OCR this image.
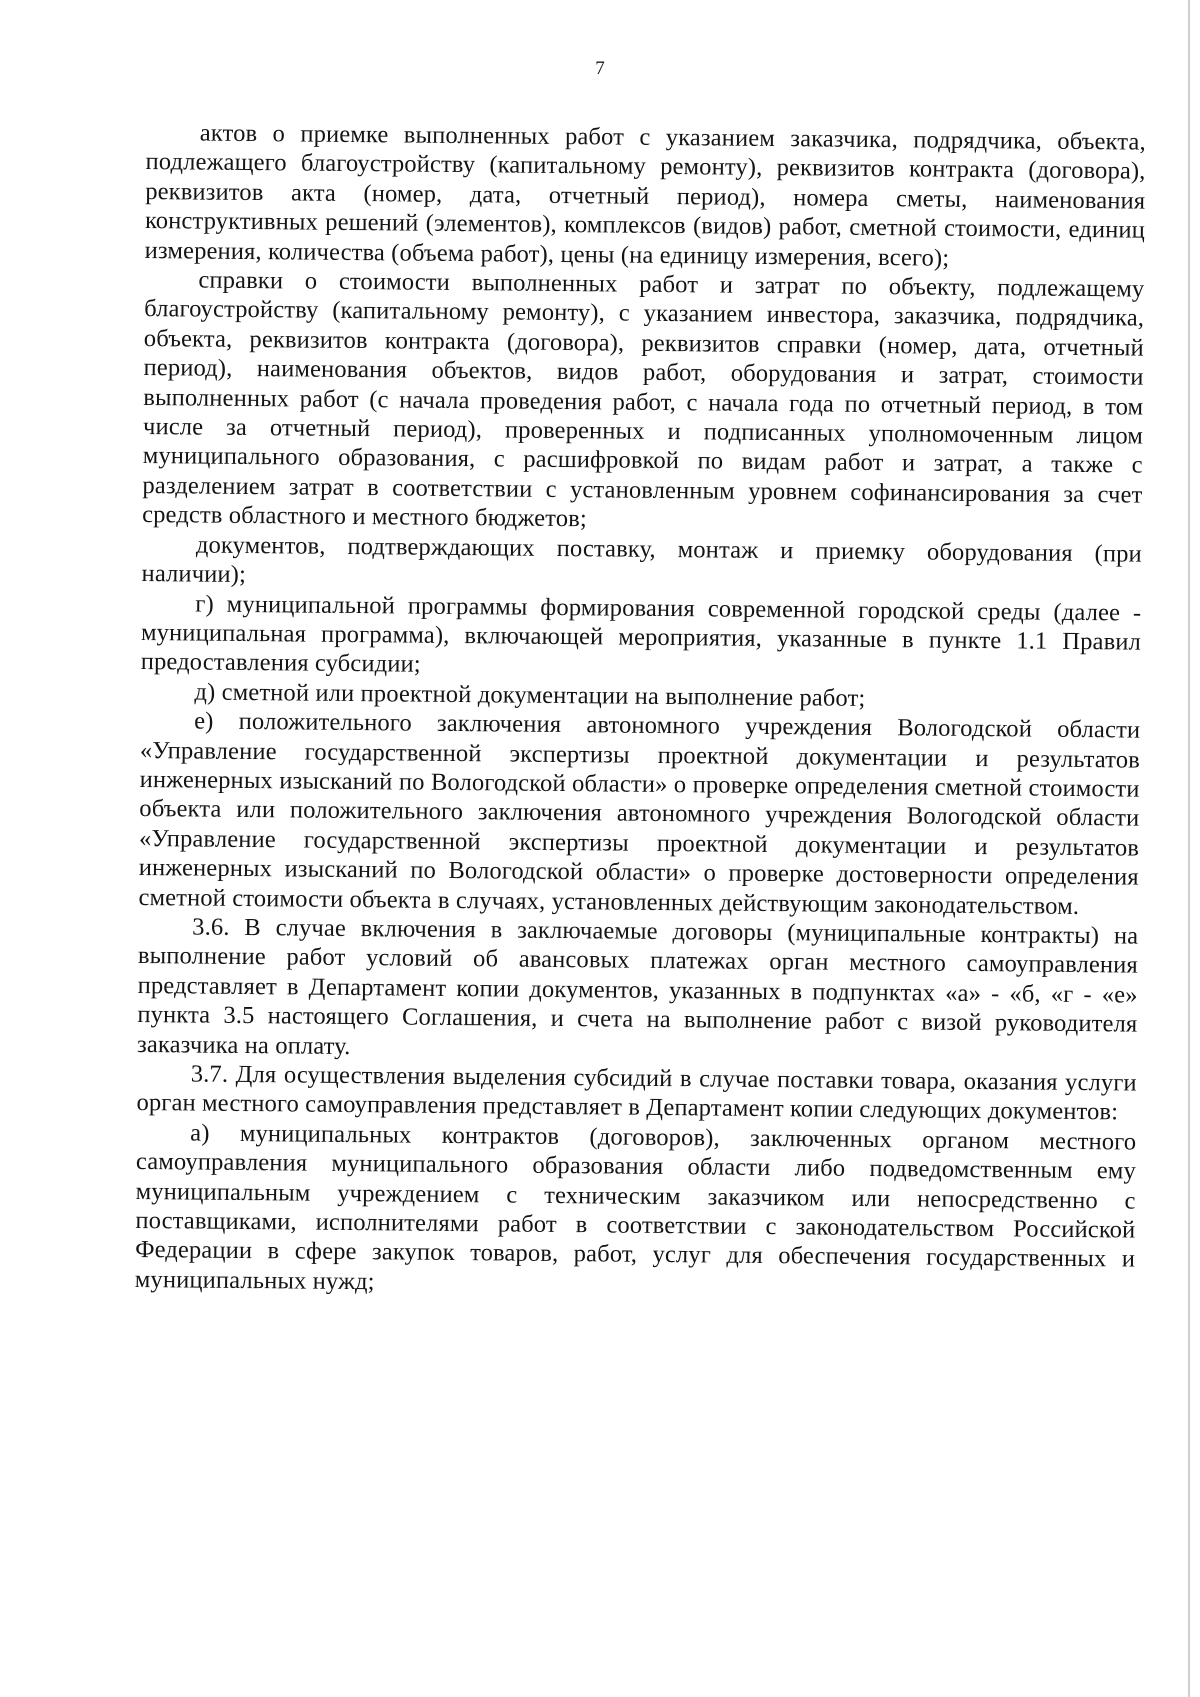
7

актов о приемке выполненных работ с указанием заказчика, подрядчика, объекта, подлежащего благоустройству (капитальному ремонту), реквизитов контракта (договора), реквизитов акта (номер, дата, отчетный период), номера сметы, наименования конструктивных решений (элементов), комплексов (видов) работ, сметной стоимости, единиц измерения, количества (объема работ), цены (на единицу измерения, всего);

справки о стоимости выполненных работ и затрат по объекту, подлежащему благоустройству (капитальному ремонту), с указанием инвестора, заказчика, подрядчика, объекта, реквизитов контракта (договора), реквизитов справки (номер, дата, отчетный период), наименования объектов, видов работ, оборудования и затрат, стоимости выполненных работ (с начала проведения работ, с начала года по отчетный период, в том числе за отчетный период), проверенных и подписанных уполномоченным лицом муниципального образования, с расшифровкой по видам работ и затрат, а также с разделением затрат в соответствии с установленным уровнем софинансирования за счет средств областного и местного бюджетов;

документов, подтверждающих поставку, монтаж и приемку оборудования (при наличии);

г) муниципальной программы формирования современной городской среды (далее - муниципальная программа), включающей мероприятия, указанные в пункте 1.1 Правил предоставления субсидии;

д) сметной или проектной документации на выполнение работ;

е) положительного заключения автономного учреждения Вологодской области «Управление государственной экспертизы проектной документации и результатов инженерных изысканий по Вологодской области» о проверке определения сметной стоимости объекта или положительного заключения автономного учреждения Вологодской области «Управление государственной экспертизы проектной документации и результатов инженерных изысканий по Вологодской области» о проверке достоверности определения сметной стоимости объекта в случаях, установленных действующим законодательством.

3.6. В случае включения в заключаемые договоры (муниципальные контракты) на выполнение работ условий об авансовых платежах орган местного самоуправления представляет в Департамент копии документов, указанных в подпунктах «а» - «б, «г - «е» пункта 3.5 настоящего Соглашения, и счета на выполнение работ с визой руководителя заказчика на оплату.

3.7. Для осуществления выделения субсидий в случае поставки товара, оказания услуги орган местного самоуправления представляет в Департамент копии следующих документов:

а) муниципальных контрактов (договоров), заключенных органом местного самоуправления муниципального образования области либо подведомственным ему муниципальным учреждением с техническим заказчиком или непосредственно с поставщиками, исполнителями работ в соответствии с законодательством Российской Федерации в сфере закупок товаров, работ, услуг для обеспечения государственных и муниципальных нужд;
